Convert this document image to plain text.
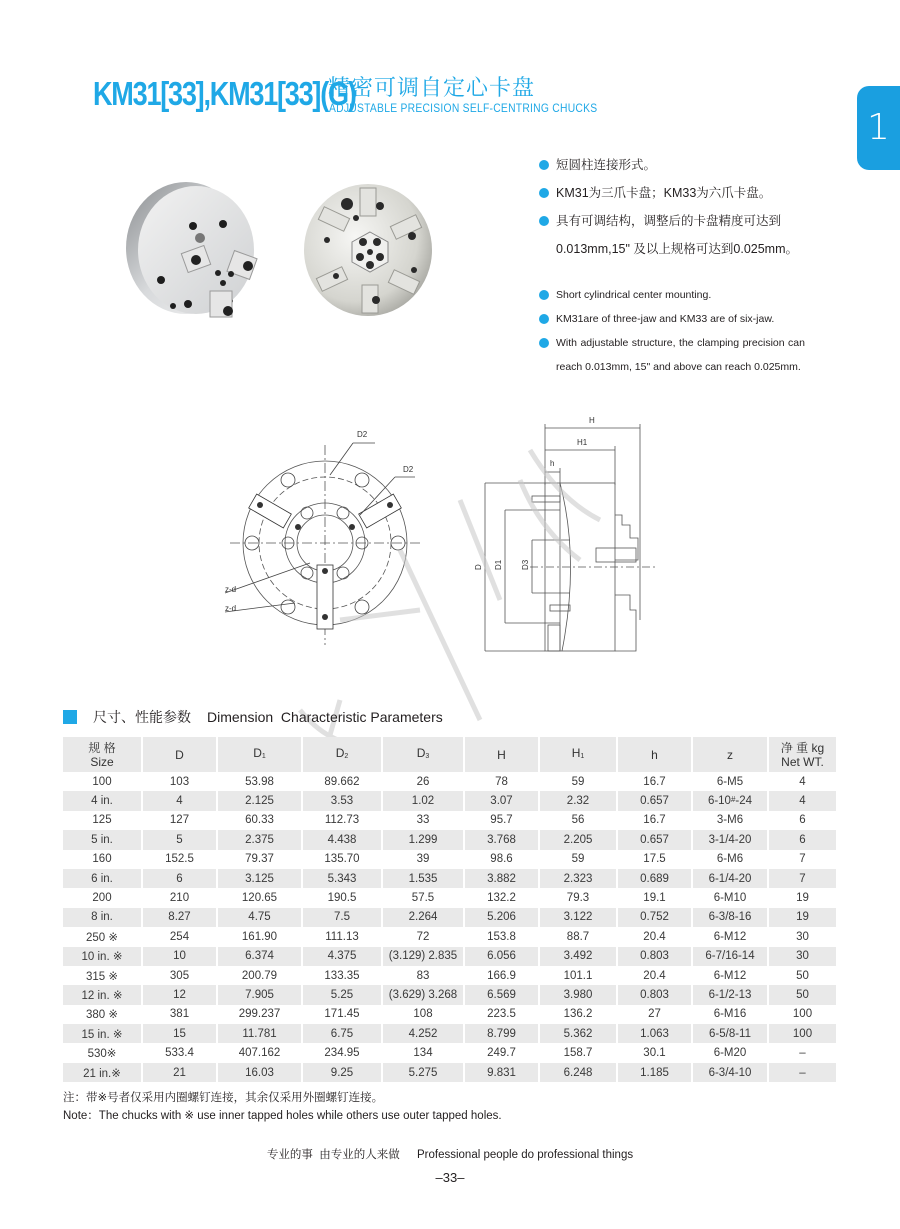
KM31[33],KM31[33](G)
精密可调自定心卡盘
ADJUSTABLE PRECISION SELF-CENTRING CHUCKS	1
短圆柱连接形式。
KM31为三爪卡盘；KM33为六爪卡盘。
具有可调结构，调整后的卡盘精度可达到
0.013mm,15" 及以上规格可达到0.025mm。
Short cylindrical center mounting.
KM31are of three-jaw and KM33 are of six-jaw.
With adjustable structure, the clamping precision can reach 0.013mm, 15" and above can reach 0.025mm.
D2
D2
z-d
z-d
H
H1
h
D D1 D3
尺寸、性能参数 Dimension  Characteristic Parameters
规 格
Size	D	$D_1$	$D_2$	$D_3$	H	$H_1$	h	z	净 重 kg
Net WT.
100	103	53.98	89.662	26	78	59	16.7	6-M5	4
4 in.	4	2.125	3.53	1.02	3.07	2.32	0.657	6-10#-24	4
125	127	60.33	112.73	33	95.7	56	16.7	3-M6	6
5 in.	5	2.375	4.438	1.299	3.768	2.205	0.657	3-1/4-20	6
160	152.5	79.37	135.70	39	98.6	59	17.5	6-M6	7
6 in.	6	3.125	5.343	1.535	3.882	2.323	0.689	6-1/4-20	7
200	210	120.65	190.5	57.5	132.2	79.3	19.1	6-M10	19
8 in.	8.27	4.75	7.5	2.264	5.206	3.122	0.752	6-3/8-16	19
250 ※	254	161.90	111.13	72	153.8	88.7	20.4	6-M12	30
10 in. ※	10	6.374	4.375	(3.129) 2.835	6.056	3.492	0.803	6-7/16-14	30
315 ※	305	200.79	133.35	83	166.9	101.1	20.4	6-M12	50
12 in. ※	12	7.905	5.25	(3.629) 3.268	6.569	3.980	0.803	6-1/2-13	50
380 ※	381	299.237	171.45	108	223.5	136.2	27	6-M16	100
15 in. ※	15	11.781	6.75	4.252	8.799	5.362	1.063	6-5/8-11	100
530※	533.4	407.162	234.95	134	249.7	158.7	30.1	6-M20	–
21 in.※	21	16.03	9.25	5.275	9.831	6.248	1.185	6-3/4-10	–
注：带※号者仅采用内圈螺钉连接，其余仅采用外圈螺钉连接。
Note：The chucks with ※ use inner tapped holes while others use outer tapped holes.
专业的事  由专业的人来做 Professional people do professional things
–33–
